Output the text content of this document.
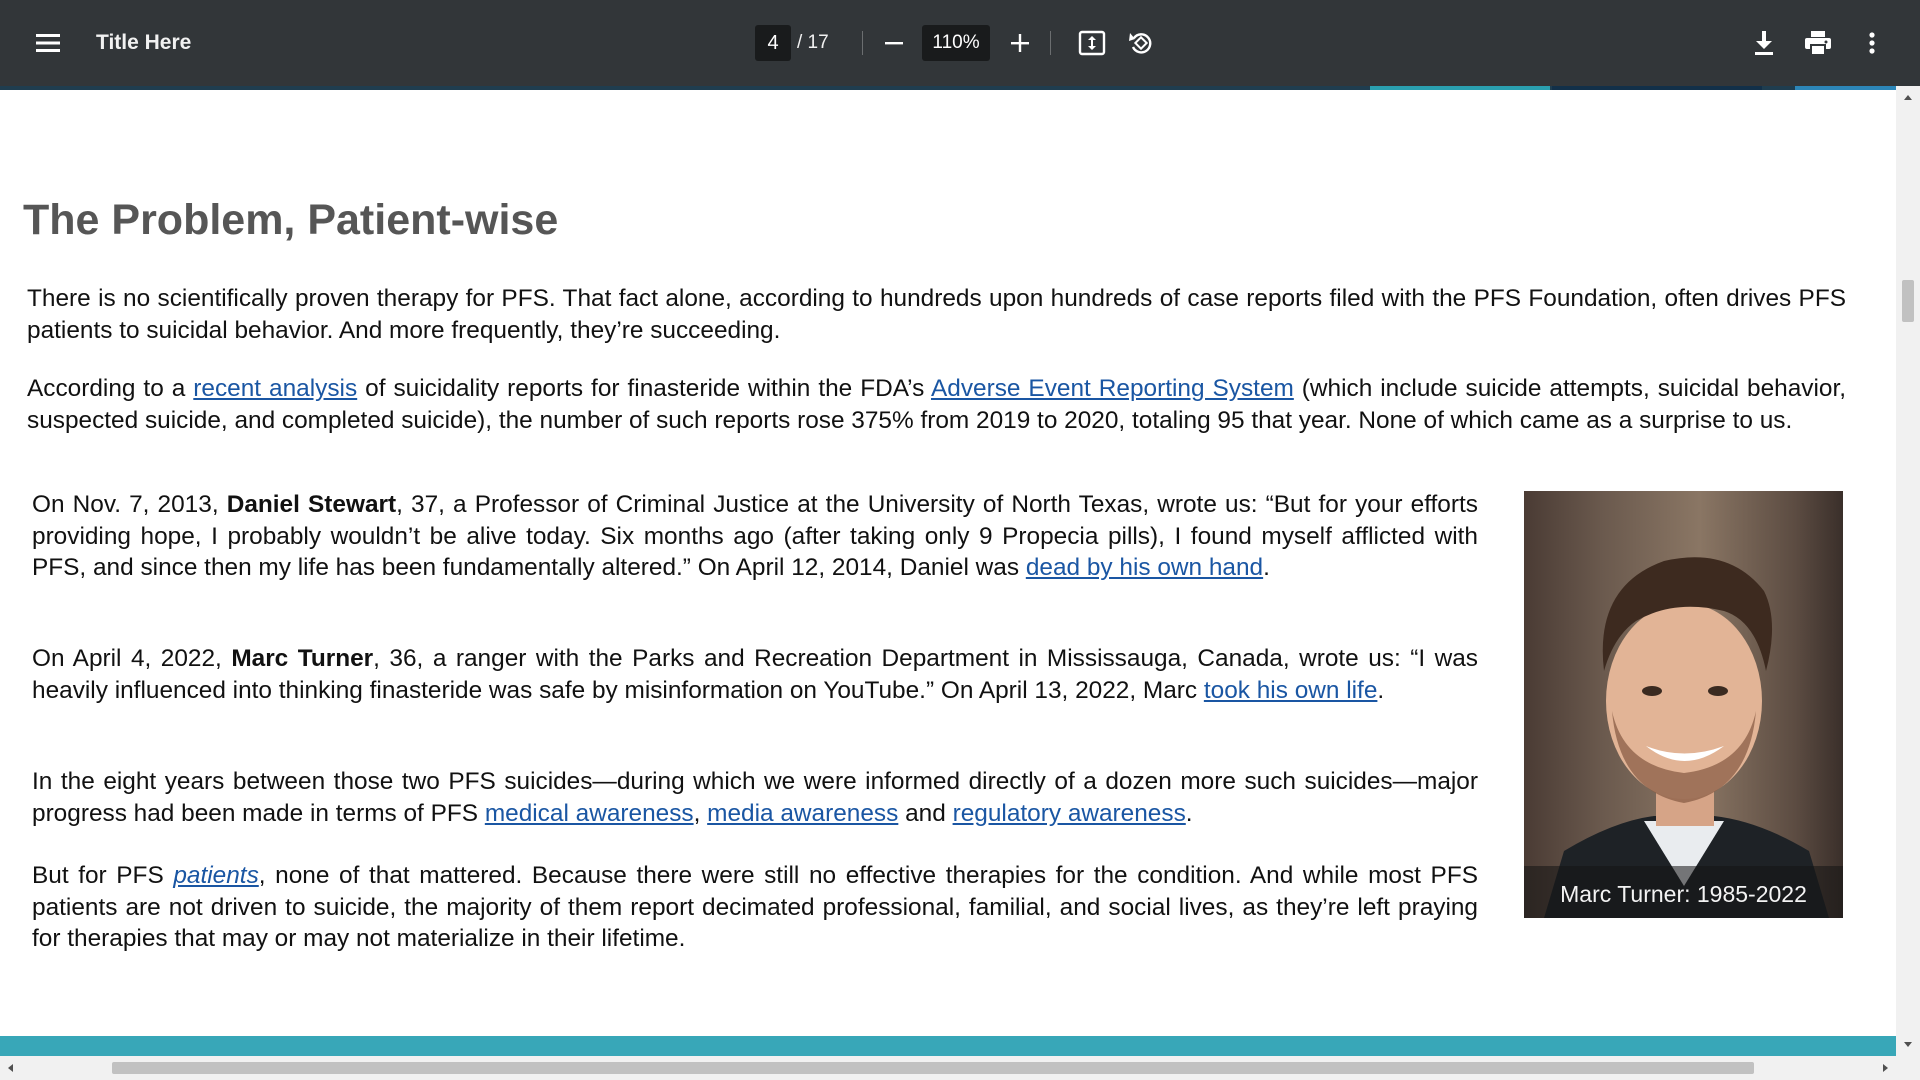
Title Here	4 / 17	110%
The Problem, Patient-wise
There is no scientifically proven therapy for PFS. That fact alone, according to hundreds upon hundreds of case reports filed with the PFS Foundation, often drives PFS patients to suicidal behavior. And more frequently, they’re succeeding.
According to a recent analysis of suicidality reports for finasteride within the FDA’s Adverse Event Reporting System (which include suicide attempts, suicidal behavior, suspected suicide, and completed suicide), the number of such reports rose 375% from 2019 to 2020, totaling 95 that year. None of which came as a surprise to us.
On Nov. 7, 2013, Daniel Stewart, 37, a Professor of Criminal Justice at the University of North Texas, wrote us: “But for your efforts providing hope, I probably wouldn’t be alive today. Six months ago (after taking only 9 Propecia pills), I found myself afflicted with PFS, and since then my life has been fundamentally altered.” On April 12, 2014, Daniel was dead by his own hand.
On April 4, 2022, Marc Turner, 36, a ranger with the Parks and Recreation Department in Mississauga, Canada, wrote us: “I was heavily influenced into thinking finasteride was safe by misinformation on YouTube.” On April 13, 2022, Marc took his own life.
In the eight years between those two PFS suicides—during which we were informed directly of a dozen more such suicides—major progress had been made in terms of PFS medical awareness, media awareness and regulatory awareness.
But for PFS patients, none of that mattered. Because there were still no effective therapies for the condition. And while most PFS patients are not driven to suicide, the majority of them report decimated professional, familial, and social lives, as they’re left praying for therapies that may or may not materialize in their lifetime.
Marc Turner: 1985-2022
